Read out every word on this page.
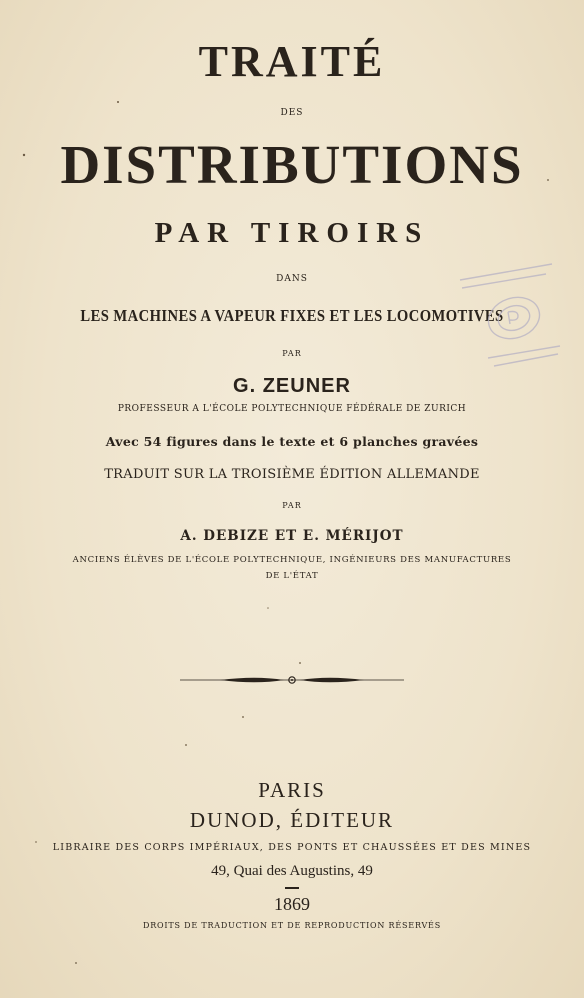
TRAITÉ
DES
DISTRIBUTIONS
PAR TIROIRS
DANS
LES MACHINES A VAPEUR FIXES ET LES LOCOMOTIVES
PAR
G. ZEUNER
PROFESSEUR A L'ÉCOLE POLYTECHNIQUE FÉDÉRALE DE ZURICH
Avec 54 figures dans le texte et 6 planches gravées
TRADUIT SUR LA TROISIÈME ÉDITION ALLEMANDE
PAR
A. DEBIZE ET E. MÉRIJOT
ANCIENS ÉLÈVES DE L'ÉCOLE POLYTECHNIQUE, INGÉNIEURS DES MANUFACTURES
DE L'ÉTAT
PARIS
DUNOD, ÉDITEUR
LIBRAIRE DES CORPS IMPÉRIAUX, DES PONTS ET CHAUSSÉES ET DES MINES
49, Quai des Augustins, 49
1869
DROITS DE TRADUCTION ET DE REPRODUCTION RÉSERVÉS
